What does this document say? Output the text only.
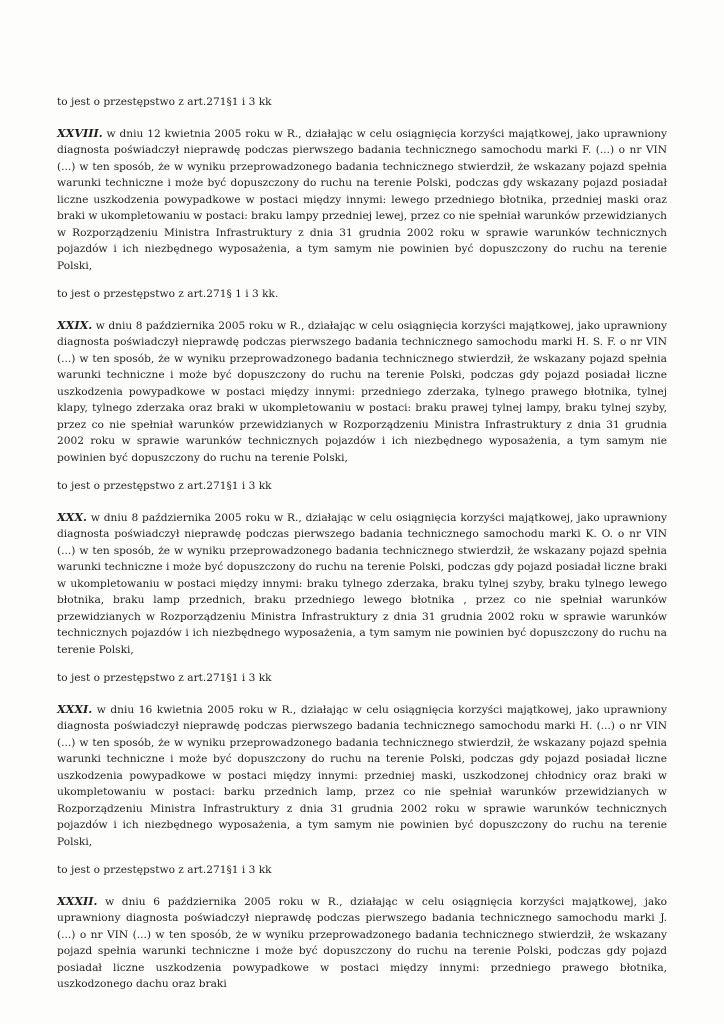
to jest o przestępstwo z art.271§1 i 3 kk

XXVIII. w dniu 12 kwietnia 2005 roku w R., działając w celu osiągnięcia korzyści majątkowej, jako uprawniony diagnosta poświadczył nieprawdę podczas pierwszego badania technicznego samochodu marki F. (...) o nr VIN (...) w ten sposób, że w wyniku przeprowadzonego badania technicznego stwierdził, że wskazany pojazd spełnia warunki techniczne i może być dopuszczony do ruchu na terenie Polski, podczas gdy wskazany pojazd posiadał liczne uszkodzenia powypadkowe w postaci między innymi: lewego przedniego błotnika, przedniej maski oraz braki w ukompletowaniu w postaci: braku lampy przedniej lewej, przez co nie spełniał warunków przewidzianych w Rozporządzeniu Ministra Infrastruktury z dnia 31 grudnia 2002 roku w sprawie warunków technicznych pojazdów i ich niezbędnego wyposażenia, a tym samym nie powinien być dopuszczony do ruchu na terenie Polski,

to jest o przestępstwo z art.271§ 1 i 3 kk.

XXIX. w dniu 8 października 2005 roku w R., działając w celu osiągnięcia korzyści majątkowej, jako uprawniony diagnosta poświadczył nieprawdę podczas pierwszego badania technicznego samochodu marki H. S. F. o nr VIN (...) w ten sposób, że w wyniku przeprowadzonego badania technicznego stwierdził, że wskazany pojazd spełnia warunki techniczne i może być dopuszczony do ruchu na terenie Polski, podczas gdy pojazd posiadał liczne uszkodzenia powypadkowe w postaci między innymi: przedniego zderzaka, tylnego prawego błotnika, tylnej klapy, tylnego zderzaka oraz braki w ukompletowaniu w postaci: braku prawej tylnej lampy, braku tylnej szyby, przez co nie spełniał warunków przewidzianych w Rozporządzeniu Ministra Infrastruktury z dnia 31 grudnia 2002 roku w sprawie warunków technicznych pojazdów i ich niezbędnego wyposażenia, a tym samym nie powinien być dopuszczony do ruchu na terenie Polski,

to jest o przestępstwo z art.271§1 i 3 kk

XXX. w dniu 8 października 2005 roku w R., działając w celu osiągnięcia korzyści majątkowej, jako uprawniony diagnosta poświadczył nieprawdę podczas pierwszego badania technicznego samochodu marki K. O. o nr VIN (...) w ten sposób, że w wyniku przeprowadzonego badania technicznego stwierdził, że wskazany pojazd spełnia warunki techniczne i może być dopuszczony do ruchu na terenie Polski, podczas gdy pojazd posiadał liczne braki w ukompletowaniu w postaci między innymi: braku tylnego zderzaka, braku tylnej szyby, braku tylnego lewego błotnika, braku lamp przednich, braku przedniego lewego błotnika , przez co nie spełniał warunków przewidzianych w Rozporządzeniu Ministra Infrastruktury z dnia 31 grudnia 2002 roku w sprawie warunków technicznych pojazdów i ich niezbędnego wyposażenia, a tym samym nie powinien być dopuszczony do ruchu na terenie Polski,

to jest o przestępstwo z art.271§1 i 3 kk

XXXI. w dniu 16 kwietnia 2005 roku w R., działając w celu osiągnięcia korzyści majątkowej, jako uprawniony diagnosta poświadczył nieprawdę podczas pierwszego badania technicznego samochodu marki H. (...) o nr VIN (...) w ten sposób, że w wyniku przeprowadzonego badania technicznego stwierdził, że wskazany pojazd spełnia warunki techniczne i może być dopuszczony do ruchu na terenie Polski, podczas gdy pojazd posiadał liczne uszkodzenia powypadkowe w postaci między innymi: przedniej maski, uszkodzonej chłodnicy oraz braki w ukompletowaniu w postaci: barku przednich lamp, przez co nie spełniał warunków przewidzianych w Rozporządzeniu Ministra Infrastruktury z dnia 31 grudnia 2002 roku w sprawie warunków technicznych pojazdów i ich niezbędnego wyposażenia, a tym samym nie powinien być dopuszczony do ruchu na terenie Polski,

to jest o przestępstwo z art.271§1 i 3 kk

XXXII. w dniu 6 października 2005 roku w R., działając w celu osiągnięcia korzyści majątkowej, jako uprawniony diagnosta poświadczył nieprawdę podczas pierwszego badania technicznego samochodu marki J. (...) o nr VIN (...) w ten sposób, że w wyniku przeprowadzonego badania technicznego stwierdził, że wskazany pojazd spełnia warunki techniczne i może być dopuszczony do ruchu na terenie Polski, podczas gdy pojazd posiadał liczne uszkodzenia powypadkowe w postaci między innymi: przedniego prawego błotnika, uszkodzonego dachu oraz braki
